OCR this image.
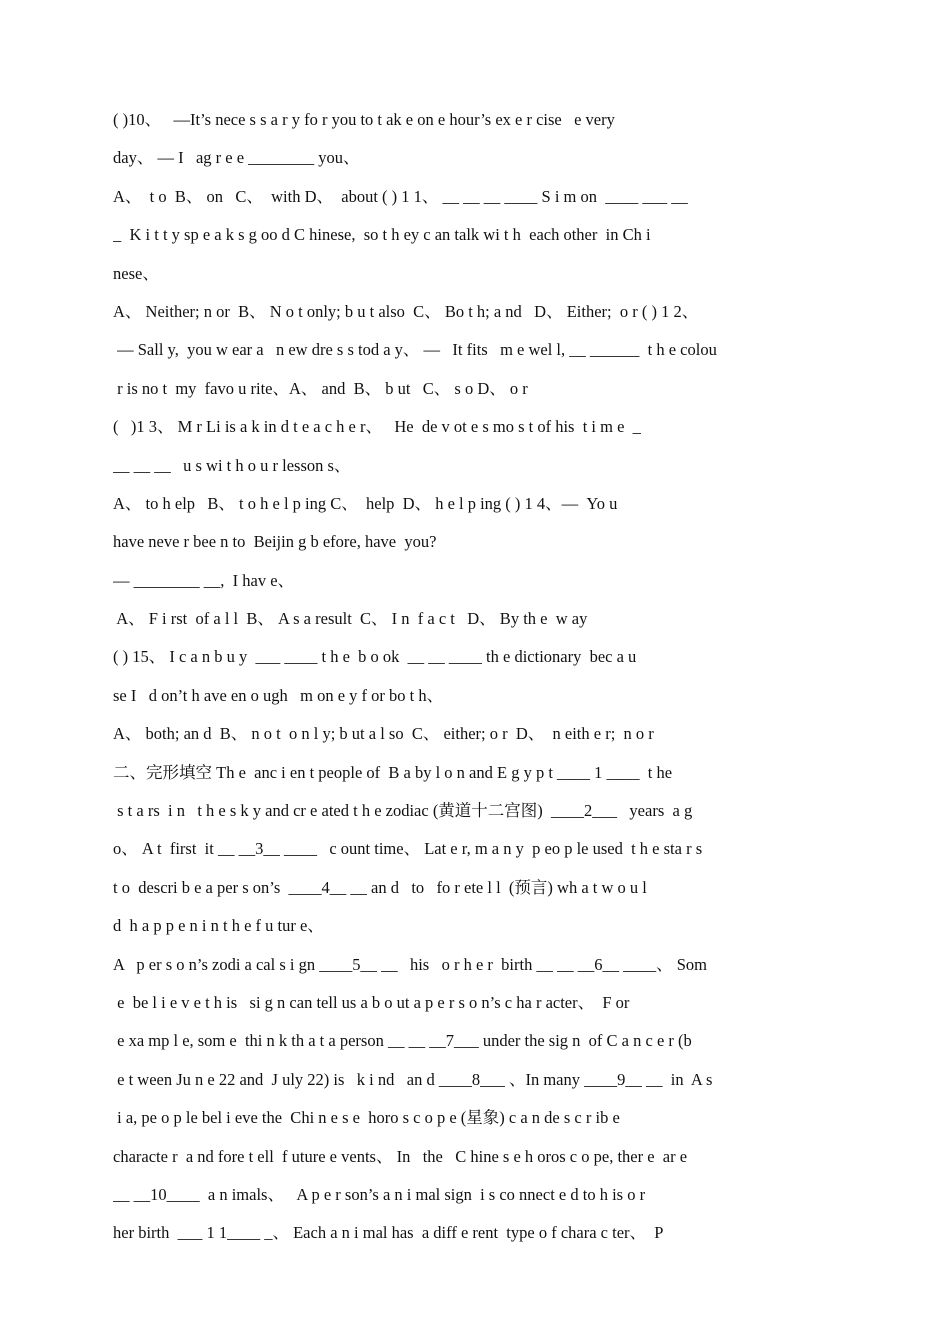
( )10、   —It’s nece s s a r y fo r you to t ak e on e hour’s ex e r cise   e very
day、 — I   ag r e e ________ you、
A、  t o  B、 on   C、  with D、  about ( ) 1 1、 __ __ __ ____ S i m on  ____ ___ __
_  K i t t y sp e a k s g oo d C hinese,  so t h ey c an talk wi t h  each other  in Ch i
nese、
A、 Neither; n or  B、 N o t only; b u t also  C、 Bo t h; a nd   D、 Either;  o r ( ) 1 2、
— Sall y,  you w ear a   n ew dre s s tod a y、 —   It fits   m e wel l, __ ______  t h e colou
r is no t  my  favo u rite、A、 and  B、 b ut   C、 s o D、 o r
(   )1 3、 M r Li is a k in d t e a c h e r、   He  de v ot e s mo s t of his  t i m e  _
__ __ __   u s wi t h o u r lesson s、
A、 to h elp   B、 t o h e l p ing C、  help  D、 h e l p ing ( ) 1 4、—  Yo u
have neve r bee n to  Beijin g b efore, have  you?
— ________ __,  I hav e、
A、 F i rst  of a l l  B、 A s a result  C、 I n  f a c t   D、 By th e  w ay
( ) 15、 I c a n b u y  ___ ____ t h e  b o ok  __ __ ____ th e dictionary  bec a u
se I   d on’t h ave en o ugh   m on e y f or bo t h、
A、 both; an d  B、 n o t  o n l y; b ut a l so  C、 either; o r  D、  n eith e r;  n o r
二、完形填空 Th e  anc i en t people of  B a by l o n and E g y p t ____ 1 ____  t he
s t a rs  i n   t h e s k y and cr e ated t h e zodiac (黄道十二宫图)  ____2___   years  a g
o、 A t  first  it __ __3__ ____   c ount time、 Lat e r, m a n y  p eo p le used  t h e sta r s
t o  descri b e a per s on’s  ____4__ __ an d   to   fo r ete l l  (预言) wh a t w o u l
d  h a p p e n i n t h e f u tur e、
A   p er s o n’s zodi a cal s i gn ____5__ __   his   o r h e r  birth __ __ __6__ ____、 Som
e  be l i e v e t h is   si g n can tell us a b o ut a p e r s o n’s c ha r acter、  F or
e xa mp l e, som e  thi n k th a t a person __ __ __7___ under the sig n  of C a n c e r (b
e t ween Ju n e 22 and  J uly 22) is   k i nd   an d ____8___ 、In many ____9__ __  in  A s
i a, pe o p le bel i eve the  Chi n e s e  horo s c o p e (星象) c a n de s c r ib e
characte r  a nd fore t ell  f uture e vents、 In   the   C hine s e h oros c o pe, ther e  ar e
__ __10____  a n imals、   A p e r son’s a n i mal sign  i s co nnect e d to h is o r
her birth  ___ 1 1____ _、 Each a n i mal has  a diff e rent  type o f chara c ter、  P
